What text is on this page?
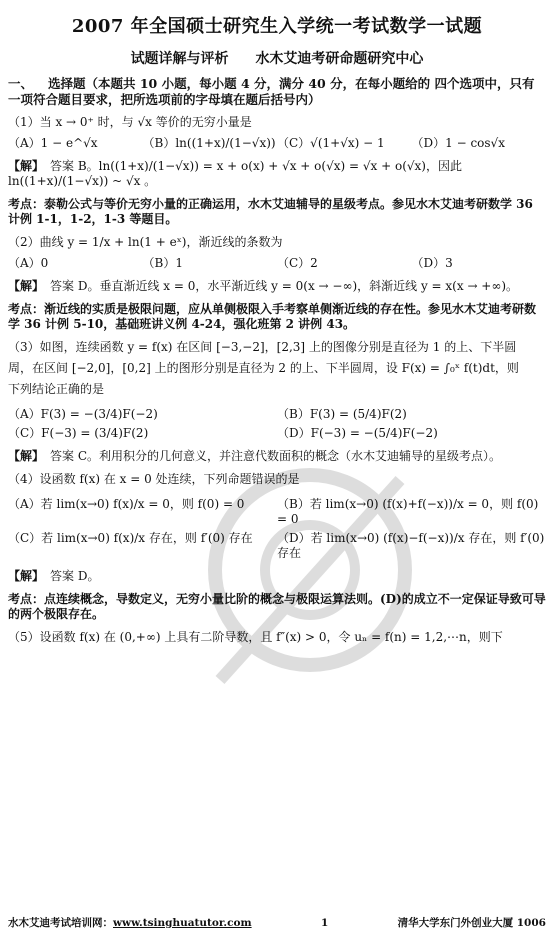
2007 年全国硕士研究生入学统一考试数学一试题
试题详解与评析 水木艾迪考研命题研究中心
一、 选择题（本题共 10 小题，每小题 4 分，满分 40 分，在每小题给的 四个选项中，只有一项符合题目要求，把所选项前的字母填在题后括号内）
（1）当 x → 0⁺ 时，与 √x 等价的无穷小量是
（A）1 − e^√x	（B）ln((1+x)/(1−√x)) （C）√(1+√x) − 1	（D）1 − cos√x
【解】 答案 B。ln((1+x)/(1−√x)) = x + o(x) + √x + o(√x) = √x + o(√x)，因此 ln((1+x)/(1−√x)) ~ √x 。
考点：泰勒公式与等价无穷小量的正确运用，水木艾迪辅导的星级考点。参见水木艾迪考研数学 36 计例 1-1，1-2，1-3 等题目。
（2）曲线 y = 1/x + ln(1 + eˣ)，渐近线的条数为
（A）0	（B）1	（C）2	（D）3
【解】 答案 D。垂直渐近线 x = 0，水平渐近线 y = 0(x → −∞)，斜渐近线 y = x(x → +∞)。
考点：渐近线的实质是极限问题，应从单侧极限入手考察单侧渐近线的存在性。参见水木艾迪考研数学 36 计例 5-10，基础班讲义例 4-24，强化班第 2 讲例 43。

（3）如图，连续函数 y = f(x) 在区间 [−3,−2]，[2,3] 上的图像分别是直径为 1 的上、下半圆

周，在区间 [−2,0]，[0,2] 上的图形分别是直径为 2 的上、下半圆周，设 F(x) = ∫₀ˣ f(t)dt，则

下列结论正确的是

（A）F(3) = −(3/4)F(−2)	（B）F(3) = (5/4)F(2)
（C）F(−3) = (3/4)F(2)	（D）F(−3) = −(5/4)F(−2)
【解】 答案 C。利用积分的几何意义，并注意代数面积的概念（水木艾迪辅导的星级考点）。
（4）设函数 f(x) 在 x = 0 处连续，下列命题错误的是
（A）若 lim(x→0) f(x)/x = 0，则 f(0) = 0	（B）若 lim(x→0) (f(x)+f(−x))/x = 0，则 f(0) = 0
（C）若 lim(x→0) f(x)/x 存在，则 f′(0) 存在	（D）若 lim(x→0) (f(x)−f(−x))/x 存在，则 f′(0) 存在
【解】 答案 D。
考点：点连续概念，导数定义，无穷小量比阶的概念与极限运算法则。(D)的成立不一定保证导致可导的两个极限存在。
（5）设函数 f(x) 在 (0,+∞) 上具有二阶导数，且 f″(x) > 0，令 uₙ = f(n) = 1,2,⋯n，则下
水木艾迪考试培训网：www.tsinghuatutor.com	1	清华大学东门外创业大厦 1006
